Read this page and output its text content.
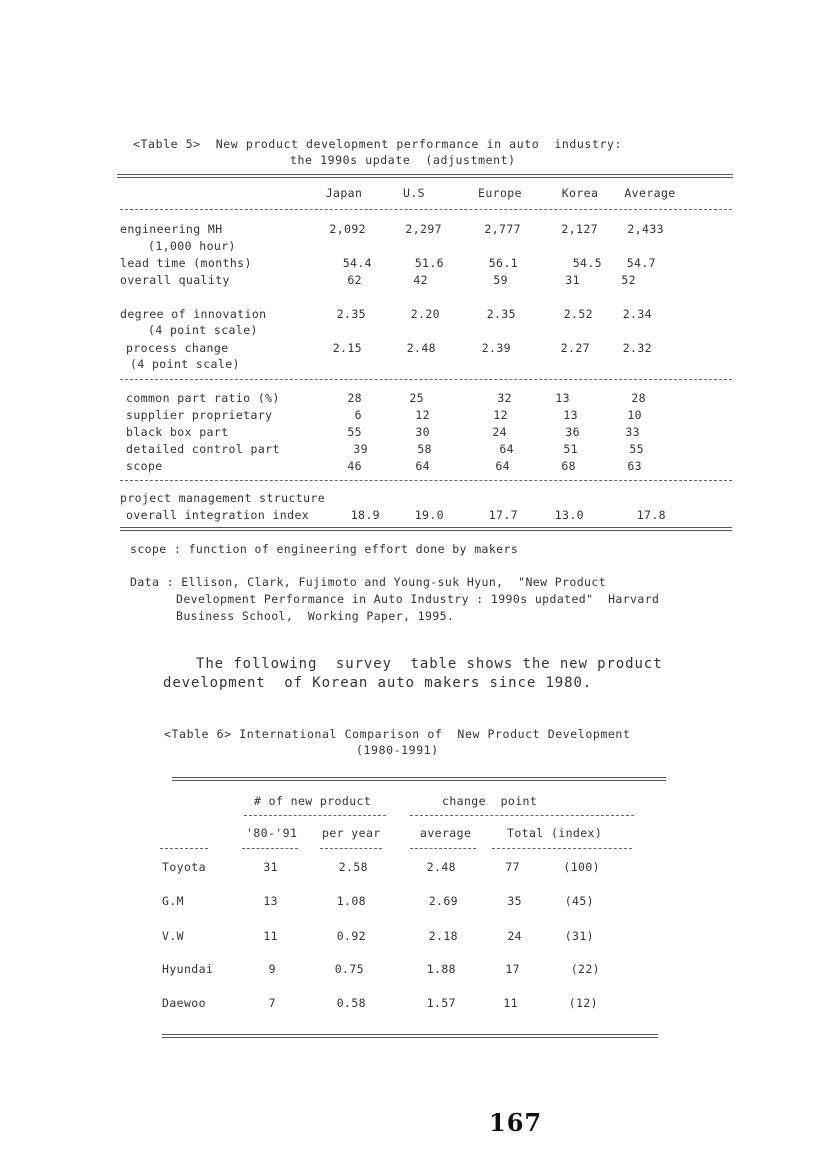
<Table 5>  New product development performance in auto  industry:
the 1990s update  (adjustment)
Japan	U.S	Europe	Korea	Average
engineering MH	2,092	2,297	2,777	2,127	2,433
(1,000 hour)
lead time (months)	54.4	51.6	56.1	54.5	54.7
overall quality	62	42	59	31	52
degree of innovation	2.35	2.20	2.35	2.52	2.34
(4 point scale)
process change	2.15	2.48	2.39	2.27	2.32
(4 point scale)
common part ratio (%)	28	25	32	13	28
supplier proprietary	6	12	12	13	10
black box part	55	30	24	36	33
detailed control part	39	58	64	51	55
scope	46	64	64	68	63
project management structure
overall integration index	18.9	19.0	17.7	13.0	17.8
scope : function of engineering effort done by makers
Data : Ellison, Clark, Fujimoto and Young-suk Hyun,  "New Product
Development Performance in Auto Industry : 1990s updated"  Harvard
Business School,  Working Paper, 1995.
The following  survey  table shows the new product
development  of Korean auto makers since 1980.
<Table 6> International Comparison of  New Product Development
(1980-1991)
# of new product	change  point
'80-'91 per year	average	Total (index)
Toyota	31	2.58	2.48	77	(100)
G.M	13	1.08	2.69	35	(45)
V.W	11	0.92	2.18	24	(31)
Hyundai	9	0.75	1.88	17	(22)
Daewoo	7	0.58	1.57	11	(12)
167
